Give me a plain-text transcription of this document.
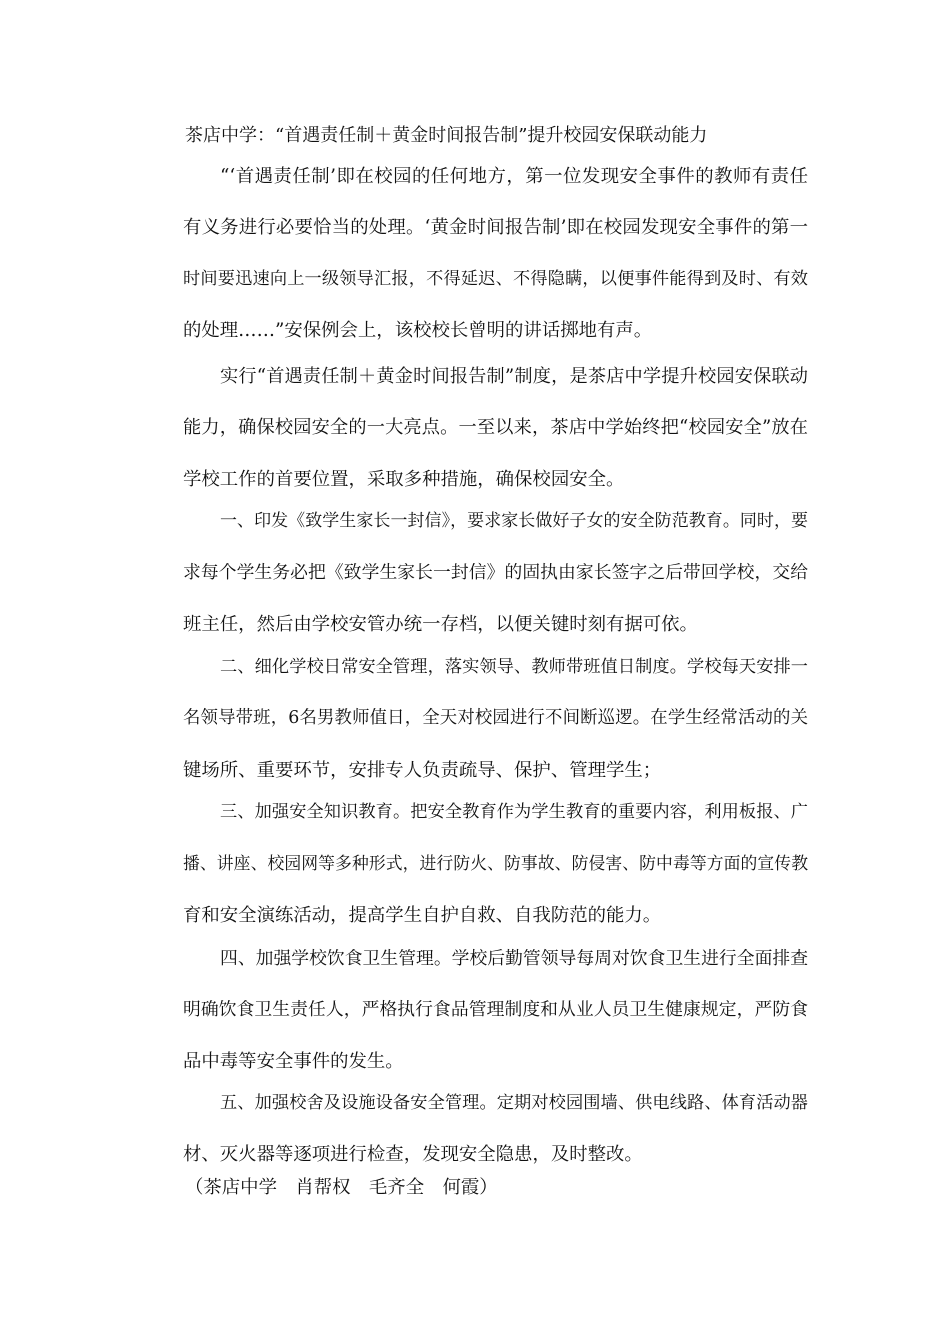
茶店中学：“首遇责任制＋黄金时间报告制”提升校园安保联动能力
“‘首遇责任制’即在校园的任何地方，第一位发现安全事件的教师有责任
有义务进行必要恰当的处理。‘黄金时间报告制’即在校园发现安全事件的第一
时间要迅速向上一级领导汇报，不得延迟、不得隐瞒，以便事件能得到及时、有效
的处理……”安保例会上，该校校长曾明的讲话掷地有声。
实行“首遇责任制＋黄金时间报告制”制度，是茶店中学提升校园安保联动
能力，确保校园安全的一大亮点。一至以来，茶店中学始终把“校园安全”放在
学校工作的首要位置，采取多种措施，确保校园安全。
一、印发《致学生家长一封信》，要求家长做好子女的安全防范教育。同时，要
求每个学生务必把《致学生家长一封信》的固执由家长签字之后带回学校，交给
班主任，然后由学校安管办统一存档，以便关键时刻有据可依。
二、细化学校日常安全管理，落实领导、教师带班值日制度。学校每天安排一
名领导带班，6名男教师值日，全天对校园进行不间断巡逻。在学生经常活动的关
键场所、重要环节，安排专人负责疏导、保护、管理学生；
三、加强安全知识教育。把安全教育作为学生教育的重要内容，利用板报、广
播、讲座、校园网等多种形式，进行防火、防事故、防侵害、防中毒等方面的宣传教
育和安全演练活动，提高学生自护自救、自我防范的能力。
四、加强学校饮食卫生管理。学校后勤管领导每周对饮食卫生进行全面排查
明确饮食卫生责任人，严格执行食品管理制度和从业人员卫生健康规定，严防食
品中毒等安全事件的发生。
五、加强校舍及设施设备安全管理。定期对校园围墙、供电线路、体育活动器
材、灭火器等逐项进行检查，发现安全隐患，及时整改。
（茶店中学　肖帮权　毛齐全　何霞）
